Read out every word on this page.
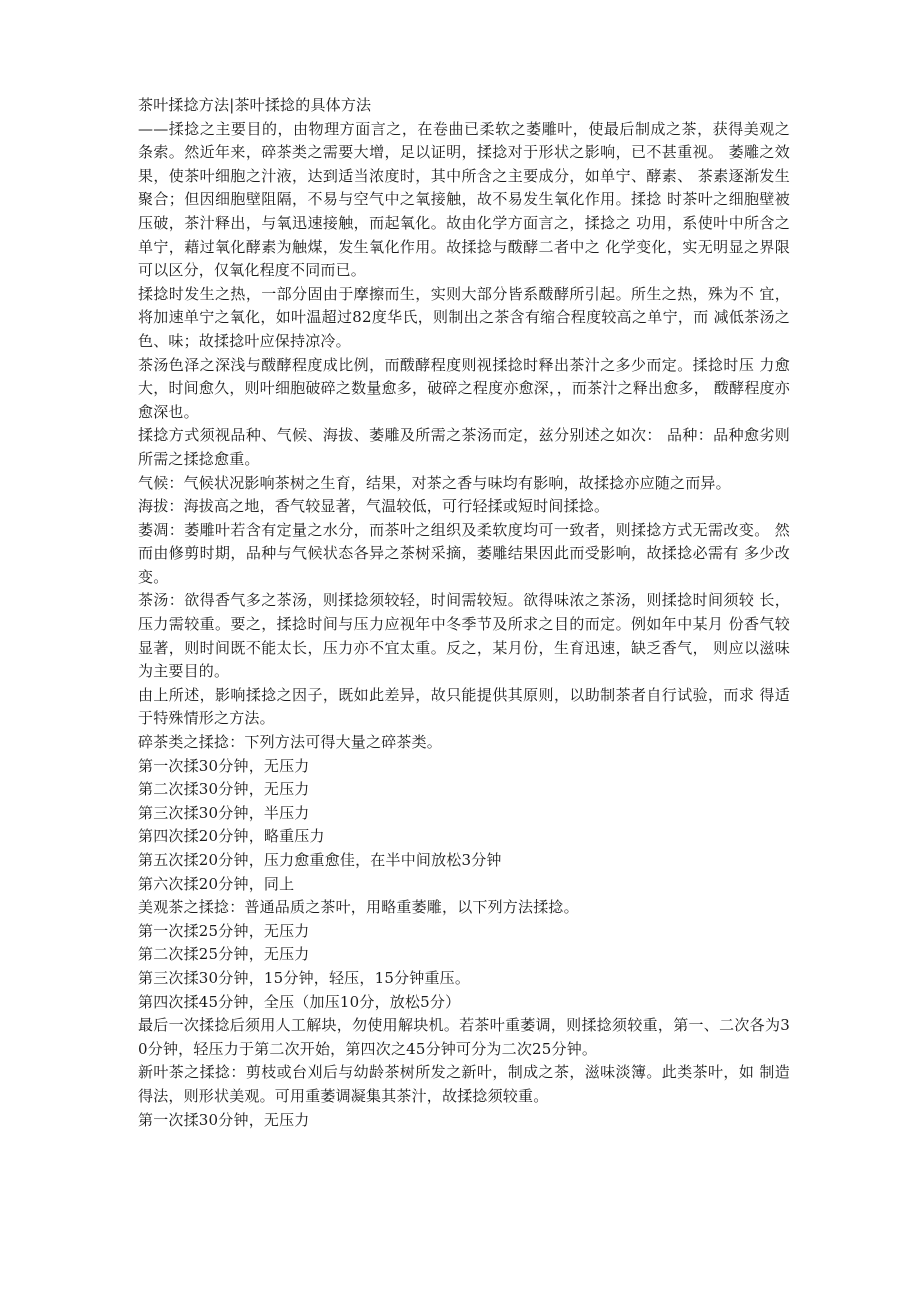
茶叶揉捻方法|茶叶揉捻的具体方法

——揉捻之主要目的，由物理方面言之，在卷曲已柔软之萎雕叶，使最后制成之茶，获得美观之条索。然近年来，碎茶类之需要大增，足以证明，揉捻对于形状之影响，已不甚重视。 萎雕之效果，使茶叶细胞之汁液，达到适当浓度时，其中所含之主要成分，如单宁、酵素、 茶素逐渐发生聚合；但因细胞壁阻隔，不易与空气中之氧接触，故不易发生氧化作用。揉捻 时茶叶之细胞壁被压破，茶汁释出，与氧迅速接触，而起氧化。故由化学方面言之，揉捻之 功用，系使叶中所含之单宁，藉过氧化酵素为触煤，发生氧化作用。故揉捻与酦酵二者中之 化学变化，实无明显之界限可以区分，仅氧化程度不同而已。

揉捻时发生之热，一部分固由于摩擦而生，实则大部分皆系酦酵所引起。所生之热，殊为不 宜，将加速单宁之氧化，如叶温超过82度华氏，则制出之茶含有缩合程度较高之单宁，而 减低茶汤之色、味；故揉捻叶应保持凉冷。

茶汤色泽之深浅与酦酵程度成比例，而酦酵程度则视揉捻时释出茶汁之多少而定。揉捻时压 力愈大，时间愈久，则叶细胞破碎之数量愈多，破碎之程度亦愈深，，而茶汁之释出愈多， 酦酵程度亦愈深也。

揉捻方式须视品种、气候、海拔、萎雕及所需之茶汤而定，兹分别述之如次： 品种：品种愈劣则所需之揉捻愈重。

气候：气候状况影响茶树之生育，结果，对茶之香与味均有影响，故揉捻亦应随之而异。

海拔：海拔高之地，香气较显著，气温较低，可行轻揉或短时间揉捻。

萎凋：萎雕叶若含有定量之水分，而茶叶之组织及柔软度均可一致者，则揉捻方式无需改变。 然而由修剪时期，品种与气候状态各异之茶树采摘，萎雕结果因此而受影响，故揉捻必需有 多少改变。

茶汤：欲得香气多之茶汤，则揉捻须较轻，时间需较短。欲得味浓之茶汤，则揉捻时间须较 长，压力需较重。要之，揉捻时间与压力应视年中冬季节及所求之目的而定。例如年中某月 份香气较显著，则时间既不能太长，压力亦不宜太重。反之，某月份，生育迅速，缺乏香气， 则应以滋味为主要目的。

由上所述，影响揉捻之因子，既如此差异，故只能提供其原则，以助制茶者自行试验，而求 得适于特殊情形之方法。

碎茶类之揉捻：下列方法可得大量之碎茶类。

第一次揉30分钟，无压力

第二次揉30分钟，无压力

第三次揉30分钟，半压力

第四次揉20分钟，略重压力

第五次揉20分钟，压力愈重愈佳，在半中间放松3分钟

第六次揉20分钟，同上

美观茶之揉捻：普通品质之茶叶，用略重萎雕，以下列方法揉捻。

第一次揉25分钟，无压力

第二次揉25分钟，无压力

第三次揉30分钟，15分钟，轻压，15分钟重压。

第四次揉45分钟，全压（加压10分，放松5分）

最后一次揉捻后须用人工解块，勿使用解块机。若茶叶重萎调，则揉捻须较重，第一、二次各为30分钟，轻压力于第二次开始，第四次之45分钟可分为二次25分钟。

新叶茶之揉捻：剪枝或台刈后与幼龄茶树所发之新叶，制成之茶，滋味淡簿。此类茶叶，如 制造得法，则形状美观。可用重萎调凝集其茶汁，故揉捻须较重。

第一次揉30分钟，无压力
